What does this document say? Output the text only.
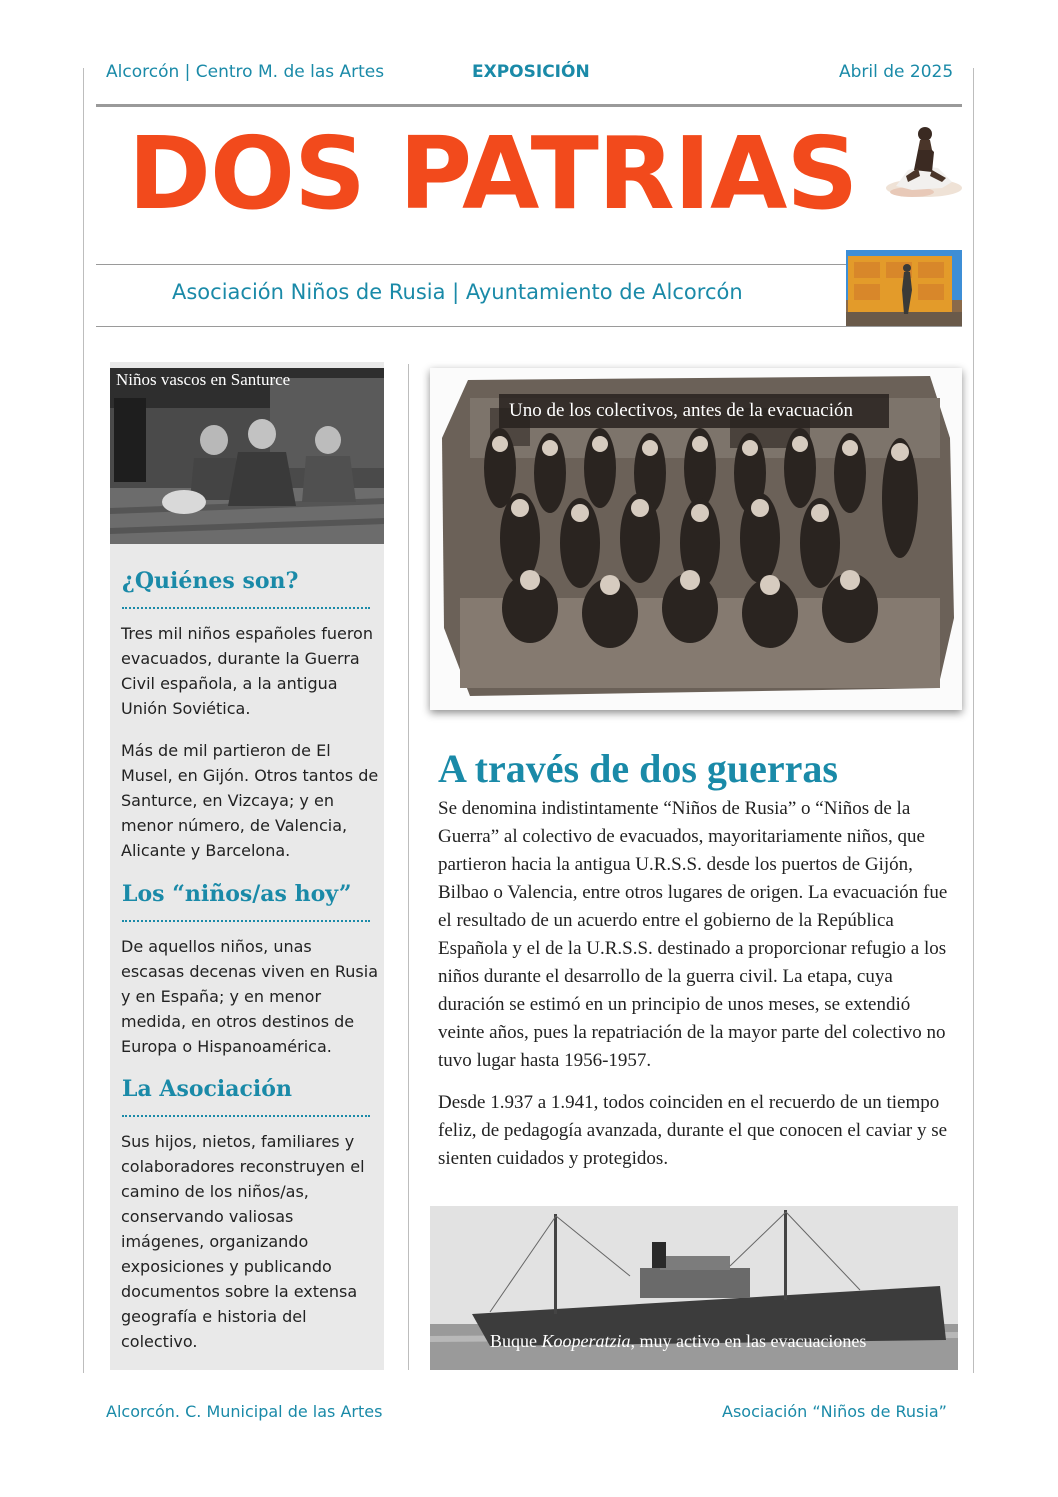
Alcorcón | Centro M. de las Artes	EXPOSICIÓN	Abril de 2025
DOS PATRIAS
Asociación Niños de Rusia | Ayuntamiento de Alcorcón
Niños vascos en Santurce
¿Quiénes son?

Tres mil niños españoles fueron evacuados, durante la Guerra Civil española, a la antigua Unión Soviética.

Más de mil partieron de El Musel, en Gijón. Otros tantos de Santurce, en Vizcaya; y en menor número, de Valencia, Alicante y Barcelona.

Los “niños/as hoy”

De aquellos niños, unas escasas decenas viven en Rusia y en España; y en menor medida, en otros destinos de Europa o Hispanoamérica.

La Asociación

Sus hijos, nietos, familiares y colaboradores reconstruyen el camino de los niños/as, conservando valiosas imágenes, organizando exposiciones y publicando documentos sobre la extensa geografía e historia del colectivo.

Uno de los colectivos, antes de la evacuación
A través de dos guerras

Se denomina indistintamente “Niños de Rusia” o “Niños de la Guerra” al colectivo de evacuados, mayoritariamente niños, que partieron hacia la antigua U.R.S.S. desde los puertos de Gijón, Bilbao o Valencia, entre otros lugares de origen. La evacuación fue el resultado de un acuerdo entre el gobierno de la República Española y el de la U.R.S.S. destinado a proporcionar refugio a los niños durante el desarrollo de la guerra civil. La etapa, cuya duración se estimó en un principio de unos meses, se extendió veinte años, pues la repatriación de la mayor parte del colectivo no tuvo lugar hasta 1956-1957.

Desde 1.937 a 1.941, todos coinciden en el recuerdo de un tiempo feliz, de pedagogía avanzada, durante el que conocen el caviar y se sienten cuidados y protegidos.

Buque Kooperatzia, muy activo en las evacuaciones
Alcorcón. C. Municipal de las Artes	Asociación “Niños de Rusia”
